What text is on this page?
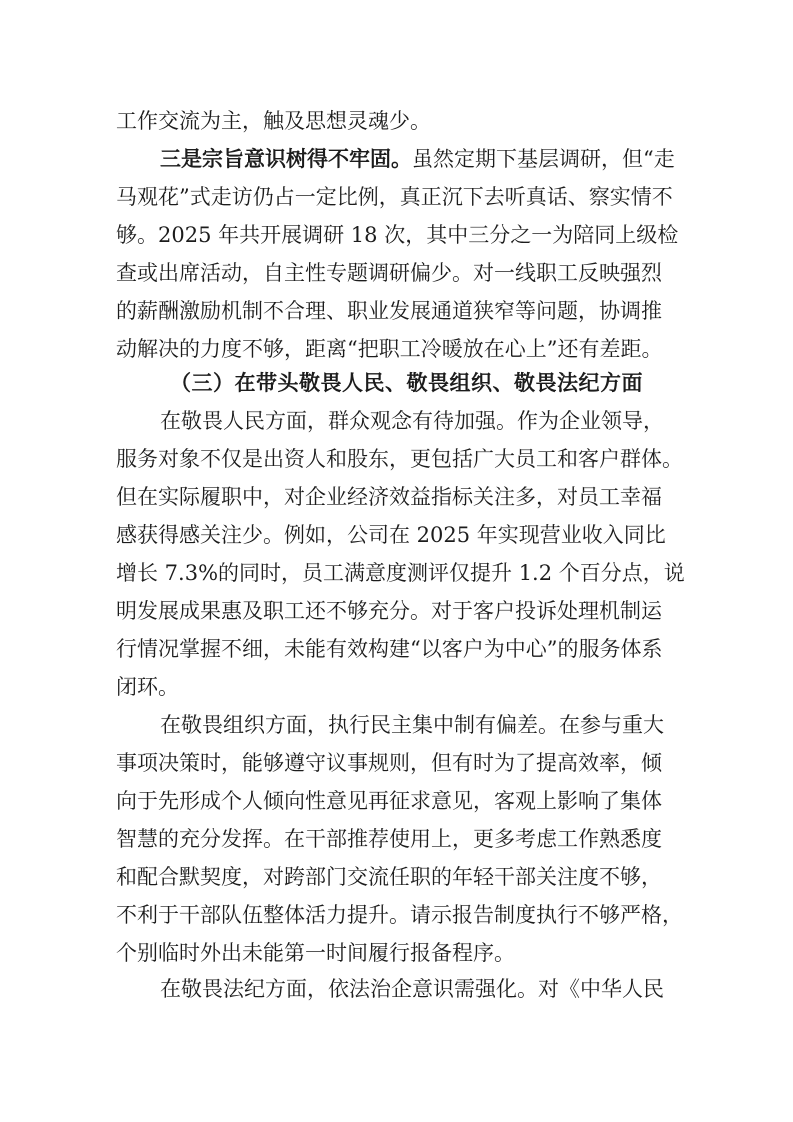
工作交流为主，触及思想灵魂少。
三是宗旨意识树得不牢固。虽然定期下基层调研，但“走
马观花”式走访仍占一定比例，真正沉下去听真话、察实情不
够。2025 年共开展调研 18 次，其中三分之一为陪同上级检
查或出席活动，自主性专题调研偏少。对一线职工反映强烈
的薪酬激励机制不合理、职业发展通道狭窄等问题，协调推
动解决的力度不够，距离“把职工冷暖放在心上”还有差距。
（三）在带头敬畏人民、敬畏组织、敬畏法纪方面
在敬畏人民方面，群众观念有待加强。作为企业领导，
服务对象不仅是出资人和股东，更包括广大员工和客户群体。
但在实际履职中，对企业经济效益指标关注多，对员工幸福
感获得感关注少。例如，公司在 2025 年实现营业收入同比
增长 7.3%的同时，员工满意度测评仅提升 1.2 个百分点，说
明发展成果惠及职工还不够充分。对于客户投诉处理机制运
行情况掌握不细，未能有效构建“以客户为中心”的服务体系
闭环。
在敬畏组织方面，执行民主集中制有偏差。在参与重大
事项决策时，能够遵守议事规则，但有时为了提高效率，倾
向于先形成个人倾向性意见再征求意见，客观上影响了集体
智慧的充分发挥。在干部推荐使用上，更多考虑工作熟悉度
和配合默契度，对跨部门交流任职的年轻干部关注度不够，
不利于干部队伍整体活力提升。请示报告制度执行不够严格，
个别临时外出未能第一时间履行报备程序。
在敬畏法纪方面，依法治企意识需强化。对《中华人民
